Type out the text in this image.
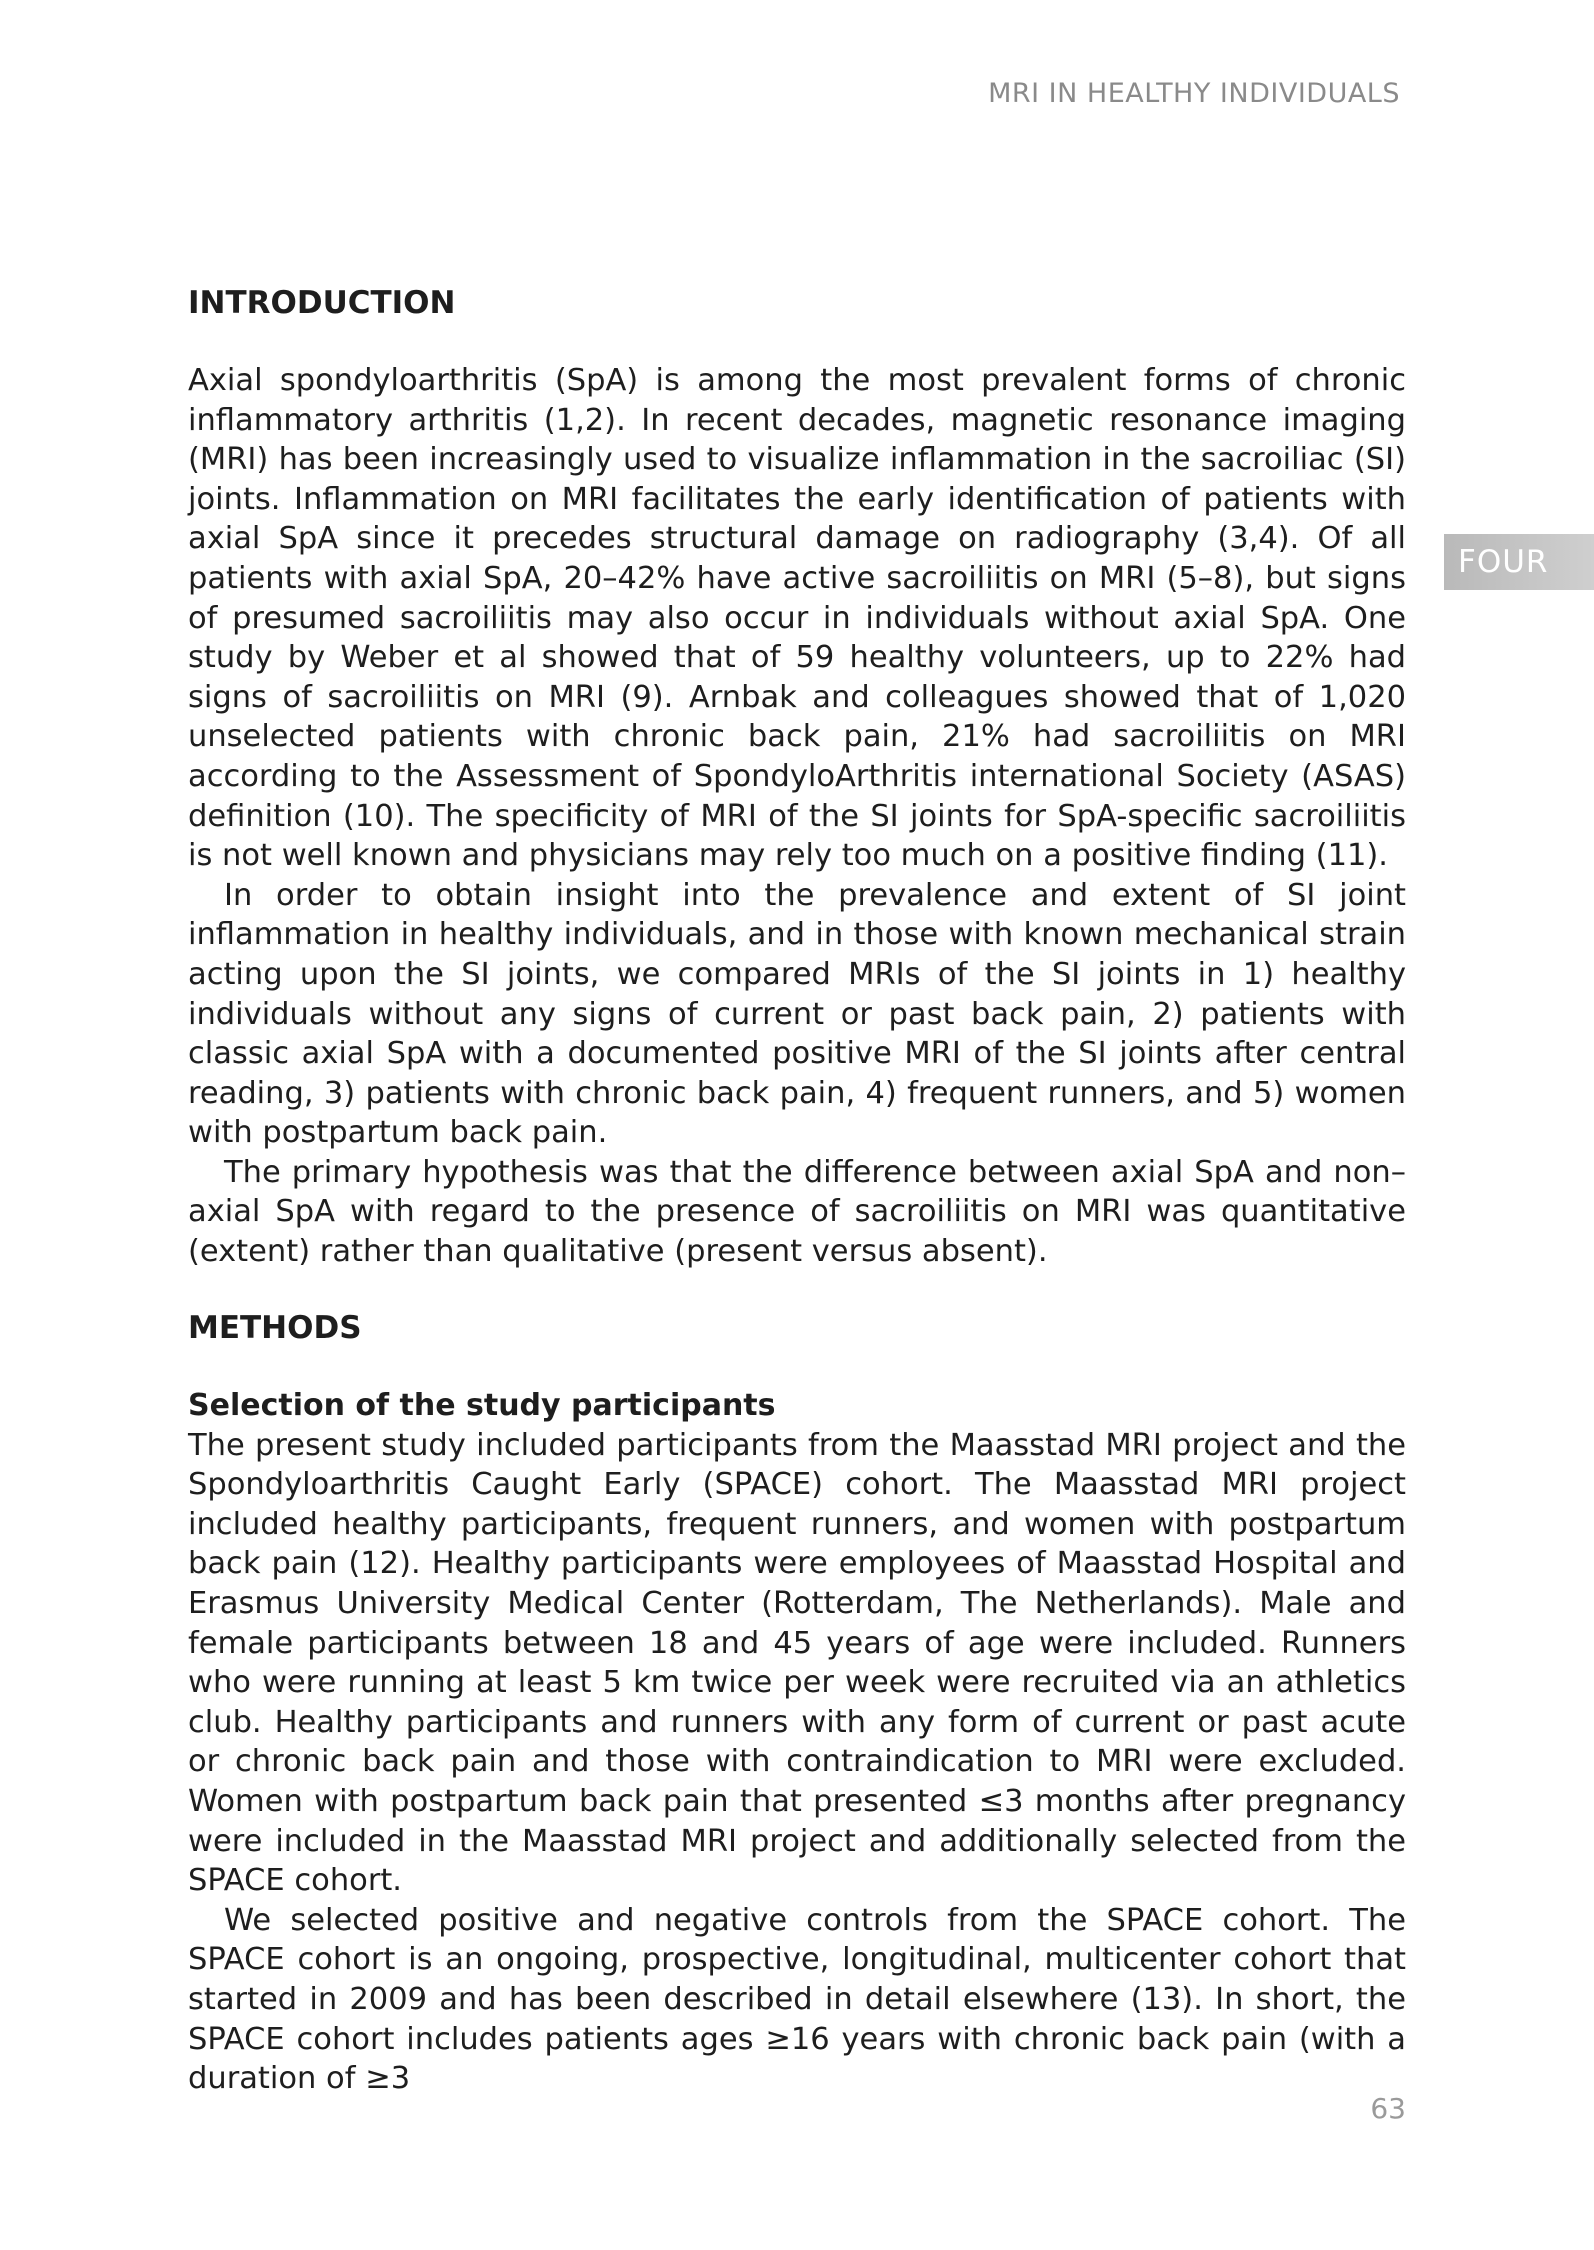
MRI IN HEALTHY INDIVIDUALS
FOUR
INTRODUCTION

Axial spondyloarthritis (SpA) is among the most prevalent forms of chronic inflammatory arthritis (1,2). In recent decades, magnetic resonance imaging (MRI) has been increasingly used to visualize inflammation in the sacroiliac (SI) joints. Inflammation on MRI facilitates the early identification of patients with axial SpA since it precedes structural damage on radiography (3,4). Of all patients with axial SpA, 20–42% have active sacroiliitis on MRI (5–8), but signs of presumed sacroiliitis may also occur in individuals without axial SpA. One study by Weber et al showed that of 59 healthy volunteers, up to 22% had signs of sacroiliitis on MRI (9). Arnbak and colleagues showed that of 1,020 unselected patients with chronic back pain, 21% had sacroiliitis on MRI according to the Assessment of SpondyloArthritis international Society (ASAS) definition (10). The specificity of MRI of the SI joints for SpA-specific sacroiliitis is not well known and physicians may rely too much on a positive finding (11).

In order to obtain insight into the prevalence and extent of SI joint inflammation in healthy individuals, and in those with known mechanical strain acting upon the SI joints, we compared MRIs of the SI joints in 1) healthy individuals without any signs of current or past back pain, 2) patients with classic axial SpA with a documented positive MRI of the SI joints after central reading, 3) patients with chronic back pain, 4) frequent runners, and 5) women with postpartum back pain.

The primary hypothesis was that the difference between axial SpA and non–axial SpA with regard to the presence of sacroiliitis on MRI was quantitative (extent) rather than qualitative (present versus absent).

METHODS
Selection of the study participants

The present study included participants from the Maasstad MRI project and the Spondyloarthritis Caught Early (SPACE) cohort. The Maasstad MRI project included healthy participants, frequent runners, and women with postpartum back pain (12). Healthy participants were employees of Maasstad Hospital and Erasmus University Medical Center (Rotterdam, The Netherlands). Male and female participants between 18 and 45 years of age were included. Runners who were running at least 5 km twice per week were recruited via an athletics club. Healthy participants and runners with any form of current or past acute or chronic back pain and those with contraindication to MRI were excluded. Women with postpartum back pain that presented ≤3 months after pregnancy were included in the Maasstad MRI project and additionally selected from the SPACE cohort.

We selected positive and negative controls from the SPACE cohort. The SPACE cohort is an ongoing, prospective, longitudinal, multicenter cohort that started in 2009 and has been described in detail elsewhere (13). In short, the SPACE cohort includes patients ages ≥16 years with chronic back pain (with a duration of ≥3

63
